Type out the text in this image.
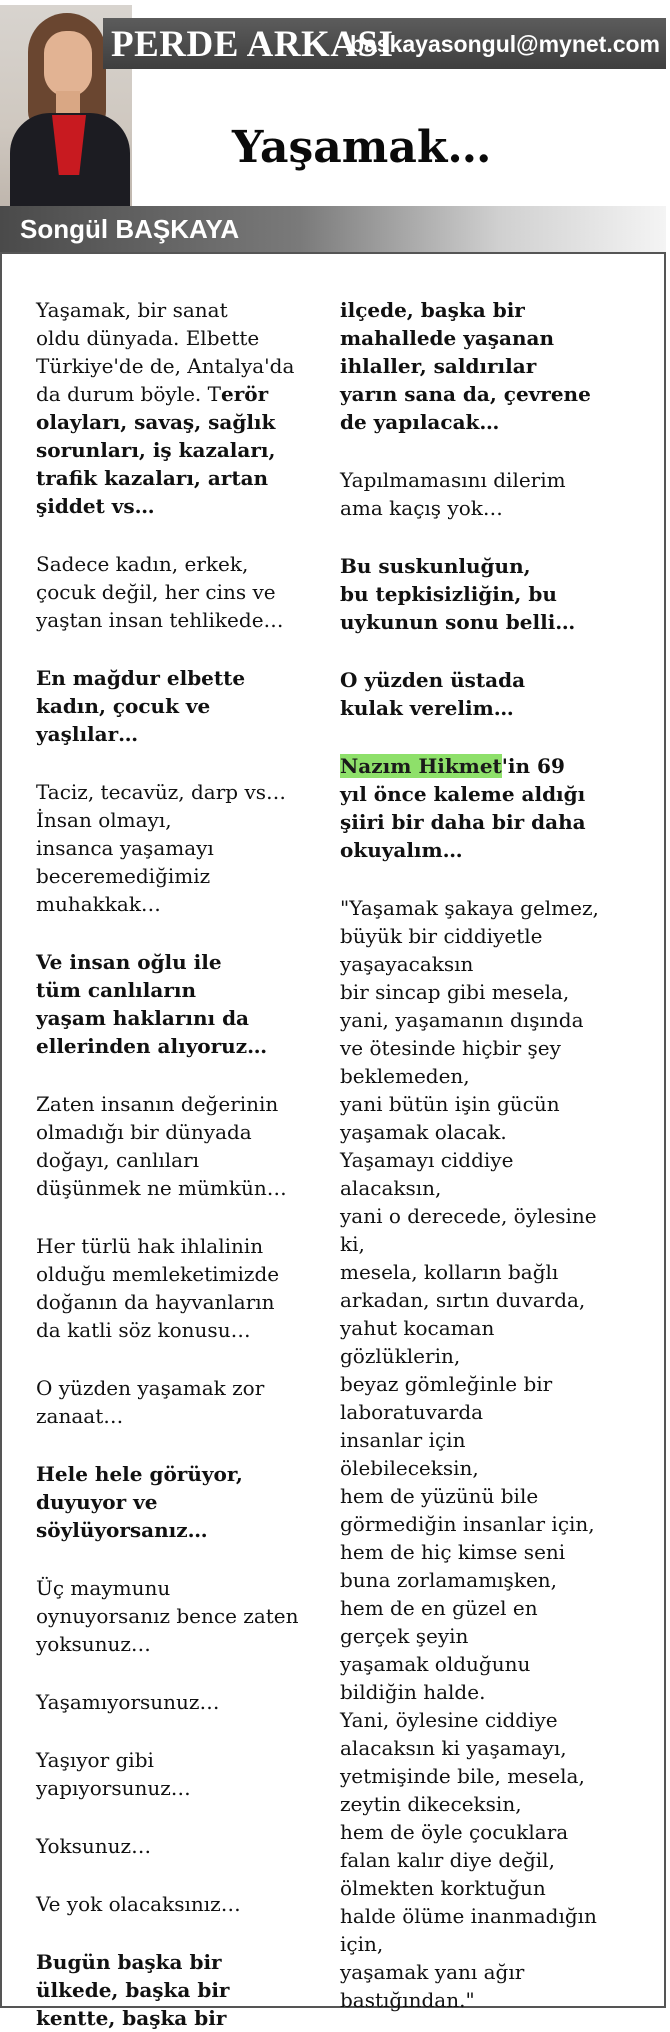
PERDE ARKASI
baskayasongul@mynet.com
Yaşamak…
Songül BAŞKAYA

Yaşamak, bir sanat
oldu dünyada. Elbette
Türkiye'de de, Antalya'da
da durum böyle. Terör
olayları, savaş, sağlık
sorunları, iş kazaları,
trafik kazaları, artan
şiddet vs…

Sadece kadın, erkek,
çocuk değil, her cins ve
yaştan insan tehlikede…

En mağdur elbette
kadın, çocuk ve
yaşlılar…

Taciz, tecavüz, darp vs…
İnsan olmayı,
insanca yaşamayı
beceremediğimiz
muhakkak…

Ve insan oğlu ile
tüm canlıların
yaşam haklarını da
ellerinden alıyoruz…

Zaten insanın değerinin
olmadığı bir dünyada
doğayı, canlıları
düşünmek ne mümkün…

Her türlü hak ihlalinin
olduğu memleketimizde
doğanın da hayvanların
da katli söz konusu…

O yüzden yaşamak zor
zanaat…

Hele hele görüyor,
duyuyor ve
söylüyorsanız…

Üç maymunu
oynuyorsanız bence zaten
yoksunuz…

Yaşamıyorsunuz…

Yaşıyor gibi
yapıyorsunuz…

Yoksunuz…

Ve yok olacaksınız…

Bugün başka bir
ülkede, başka bir
kentte, başka bir

ilçede, başka bir
mahallede yaşanan
ihlaller, saldırılar
yarın sana da, çevrene
de yapılacak…

Yapılmamasını dilerim
ama kaçış yok…

Bu suskunluğun,
bu tepkisizliğin, bu
uykunun sonu belli…

O yüzden üstada
kulak verelim…

Nazım Hikmet'in 69
yıl önce kaleme aldığı
şiiri bir daha bir daha
okuyalım…

"Yaşamak şakaya gelmez,
büyük bir ciddiyetle
yaşayacaksın
bir sincap gibi mesela,
yani, yaşamanın dışında
ve ötesinde hiçbir şey
beklemeden,
yani bütün işin gücün
yaşamak olacak.
Yaşamayı ciddiye
alacaksın,
yani o derecede, öylesine
ki,
mesela, kolların bağlı
arkadan, sırtın duvarda,
yahut kocaman
gözlüklerin,
beyaz gömleğinle bir
laboratuvarda
insanlar için
ölebileceksin,
hem de yüzünü bile
görmediğin insanlar için,
hem de hiç kimse seni
buna zorlamamışken,
hem de en güzel en
gerçek şeyin
yaşamak olduğunu
bildiğin halde.
Yani, öylesine ciddiye
alacaksın ki yaşamayı,
yetmişinde bile, mesela,
zeytin dikeceksin,
hem de öyle çocuklara
falan kalır diye değil,
ölmekten korktuğun
halde ölüme inanmadığın
için,
yaşamak yanı ağır
bastığından."
